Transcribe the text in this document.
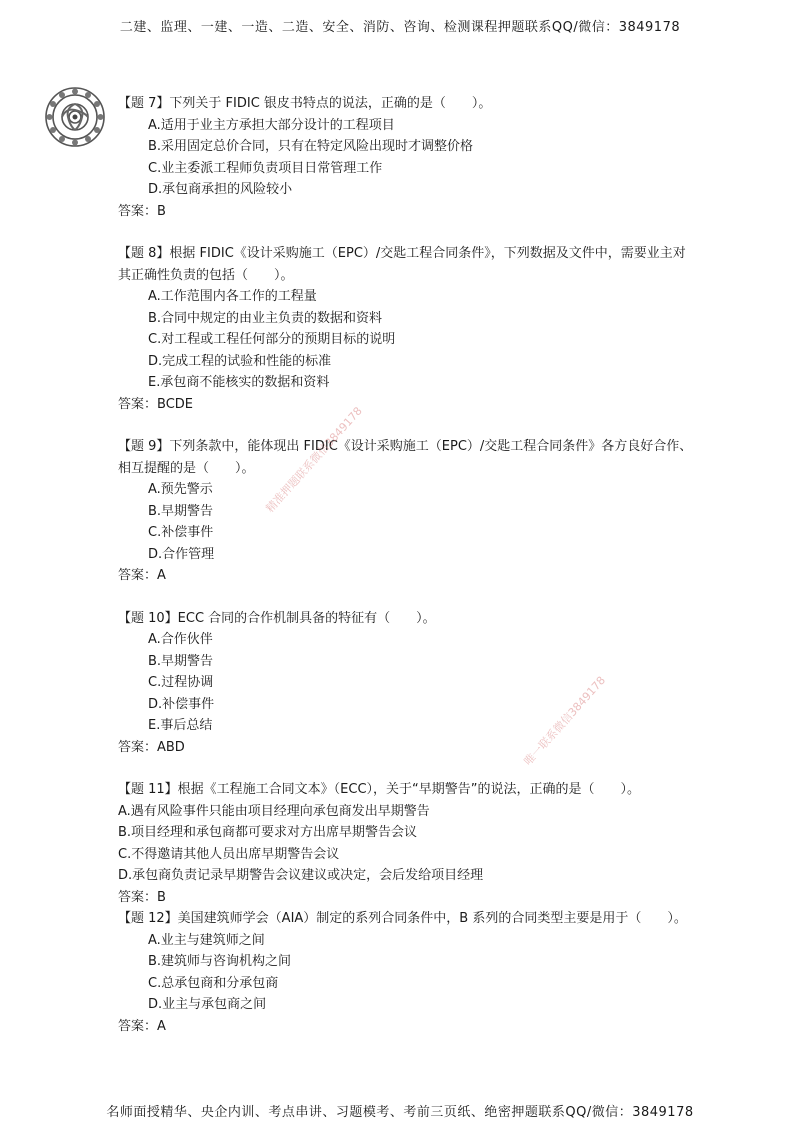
二建、监理、一建、一造、二造、安全、消防、咨询、检测课程押题联系QQ/微信：3849178
【题 7】下列关于 FIDIC 银皮书特点的说法，正确的是（　　）。
A.适用于业主方承担大部分设计的工程项目
B.采用固定总价合同，只有在特定风险出现时才调整价格
C.业主委派工程师负责项目日常管理工作
D.承包商承担的风险较小
答案：B
【题 8】根据 FIDIC《设计采购施工（EPC）/交匙工程合同条件》，下列数据及文件中，需要业主对其正确性负责的包括（　　）。
A.工作范围内各工作的工程量
B.合同中规定的由业主负责的数据和资料
C.对工程或工程任何部分的预期目标的说明
D.完成工程的试验和性能的标准
E.承包商不能核实的数据和资料
答案：BCDE
【题 9】下列条款中，能体现出 FIDIC《设计采购施工（EPC）/交匙工程合同条件》各方良好合作、相互提醒的是（　　）。
A.预先警示
B.早期警告
C.补偿事件
D.合作管理
答案：A
【题 10】ECC 合同的合作机制具备的特征有（　　）。
A.合作伙伴
B.早期警告
C.过程协调
D.补偿事件
E.事后总结
答案：ABD
【题 11】根据《工程施工合同文本》（ECC），关于“早期警告”的说法，正确的是（　　）。
A.遇有风险事件只能由项目经理向承包商发出早期警告
B.项目经理和承包商都可要求对方出席早期警告会议
C.不得邀请其他人员出席早期警告会议
D.承包商负责记录早期警告会议建议或决定，会后发给项目经理
答案：B
【题 12】美国建筑师学会（AIA）制定的系列合同条件中，B 系列的合同类型主要是用于（　　）。
A.业主与建筑师之间
B.建筑师与咨询机构之间
C.总承包商和分承包商
D.业主与承包商之间
答案：A
精准押题联系微信3849178
唯一联系微信3849178
名师面授精华、央企内训、考点串讲、习题模考、考前三页纸、绝密押题联系QQ/微信：3849178
